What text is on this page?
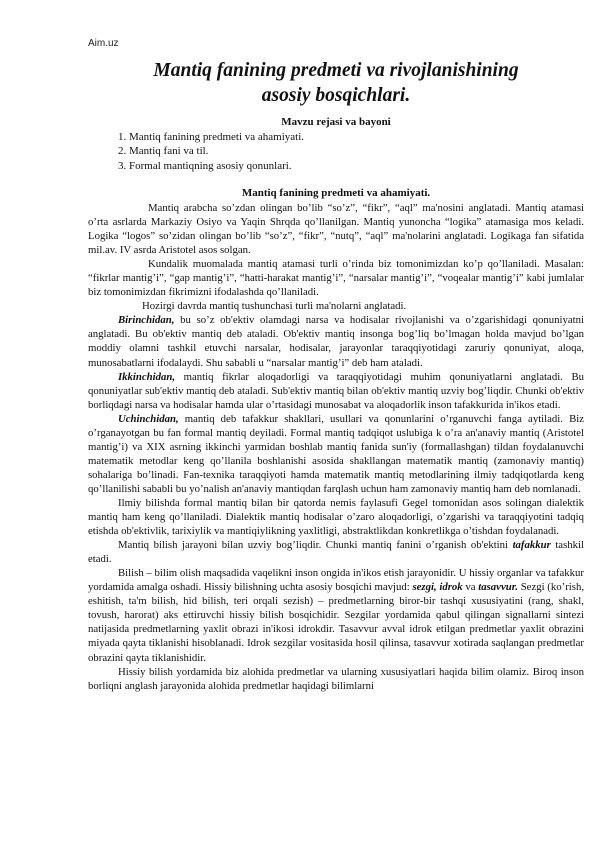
Aim.uz
Mantiq fanining predmeti va rivojlanishining
asosiy bosqichlari.
Mavzu rejasi va bayoni
1. Mantiq fanining predmeti va ahamiyati.
2. Mantiq fani va til.
3. Formal mantiqning asosiy qonunlari.
Mantiq fanining predmeti va ahamiyati.

Mantiq arabcha so’zdan olingan bo’lib “so’z”, “fikr”, “aql” ma'nosini anglatadi. Mantiq atamasi o’rta asrlarda Markaziy Osiyo va Yaqin Shrqda qo’llanilgan. Mantiq yunoncha “logika” atamasiga mos keladi. Logika “logos” so’zidan olingan bo’lib “so’z”, “fikr”, “nutq”, “aql” ma'nolarini anglatadi. Logikaga fan sifatida mil.av. IV asrda Aristotel asos solgan.

Kundalik muomalada mantiq atamasi turli o’rinda biz tomonimizdan ko’p qo’llaniladi. Masalan: “fikrlar mantig’i”, “gap mantig’i”, “hatti-harakat mantig’i”, “narsalar mantig’i”, “voqealar mantig’i” kabi jumlalar biz tomonimizdan fikrimizni ifodalashda qo’llaniladi.

Hozirgi davrda mantiq tushunchasi turli ma'nolarni anglatadi.

Birinchidan, bu so’z ob'ektiv olamdagi narsa va hodisalar rivojlanishi va o’zgarishidagi qonuniyatni anglatadi. Bu ob'ektiv mantiq deb ataladi. Ob'ektiv mantiq insonga bog’liq bo’lmagan holda mavjud bo’lgan moddiy olamni tashkil etuvchi narsalar, hodisalar, jarayonlar taraqqiyotidagi zaruriy qonuniyat, aloqa, munosabatlarni ifodalaydi. Shu sababli u “narsalar mantig’i” deb ham ataladi.

Ikkinchidan, mantiq fikrlar aloqadorligi va taraqqiyotidagi muhim qonuniyatlarni anglatadi. Bu qonuniyatlar sub'ektiv mantiq deb ataladi. Sub'ektiv mantiq bilan ob'ektiv mantiq uzviy bog’liqdir. Chunki ob'ektiv borliqdagi narsa va hodisalar hamda ular o’rtasidagi munosabat va aloqadorlik inson tafakkurida in'ikos etadi.

Uchinchidan, mantiq deb tafakkur shakllari, usullari va qonunlarini o’rganuvchi fanga aytiladi. Biz o’rganayotgan bu fan formal mantiq deyiladi. Formal mantiq tadqiqot uslubiga k o’ra an'anaviy mantiq (Aristotel mantig’i) va XIX asrning ikkinchi yarmidan boshlab mantiq fanida sun'iy (formallashgan) tildan foydalanuvchi matematik metodlar keng qo’llanila boshlanishi asosida shakllangan matematik mantiq (zamonaviy mantiq) sohalariga bo’linadi. Fan-texnika taraqqiyoti hamda matematik mantiq metodlarining ilmiy tadqiqotlarda keng qo’llanilishi sababli bu yo’nalish an'anaviy mantiqdan farqlash uchun ham zamonaviy mantiq ham deb nomlanadi.

Ilmiy bilishda formal mantiq bilan bir qatorda nemis faylasufi Gegel tomonidan asos solingan dialektik mantiq ham keng qo’llaniladi. Dialektik mantiq hodisalar o’zaro aloqadorligi, o’zgarishi va taraqqiyotini tadqiq etishda ob'ektivlik, tarixiylik va mantiqiylikning yaxlitligi, abstraktlikdan konkretlikga o’tishdan foydalanadi.

Mantiq bilish jarayoni bilan uzviy bog’liqdir. Chunki mantiq fanini o’rganish ob'ektini tafakkur tashkil etadi.

Bilish – bilim olish maqsadida vaqelikni inson ongida in'ikos etish jarayonidir. U hissiy organlar va tafakkur yordamida amalga oshadi. Hissiy bilishning uchta asosiy bosqichi mavjud: sezgi, idrok va tasavvur. Sezgi (ko’rish, eshitish, ta'm bilish, hid bilish, teri orqali sezish) – predmetlarning biror-bir tashqi xususiyatini (rang, shakl, tovush, harorat) aks ettiruvchi hissiy bilish bosqichidir. Sezgilar yordamida qabul qilingan signallarni sintezi natijasida predmetlarning yaxlit obrazi in'ikosi idrokdir. Tasavvur avval idrok etilgan predmetlar yaxlit obrazini miyada qayta tiklanishi hisoblanadi. Idrok sezgilar vositasida hosil qilinsa, tasavvur xotirada saqlangan predmetlar obrazini qayta tiklanishidir.

Hissiy bilish yordamida biz alohida predmetlar va ularning xususiyatlari haqida bilim olamiz. Biroq inson borliqni anglash jarayonida alohida predmetlar haqidagi bilimlarni
